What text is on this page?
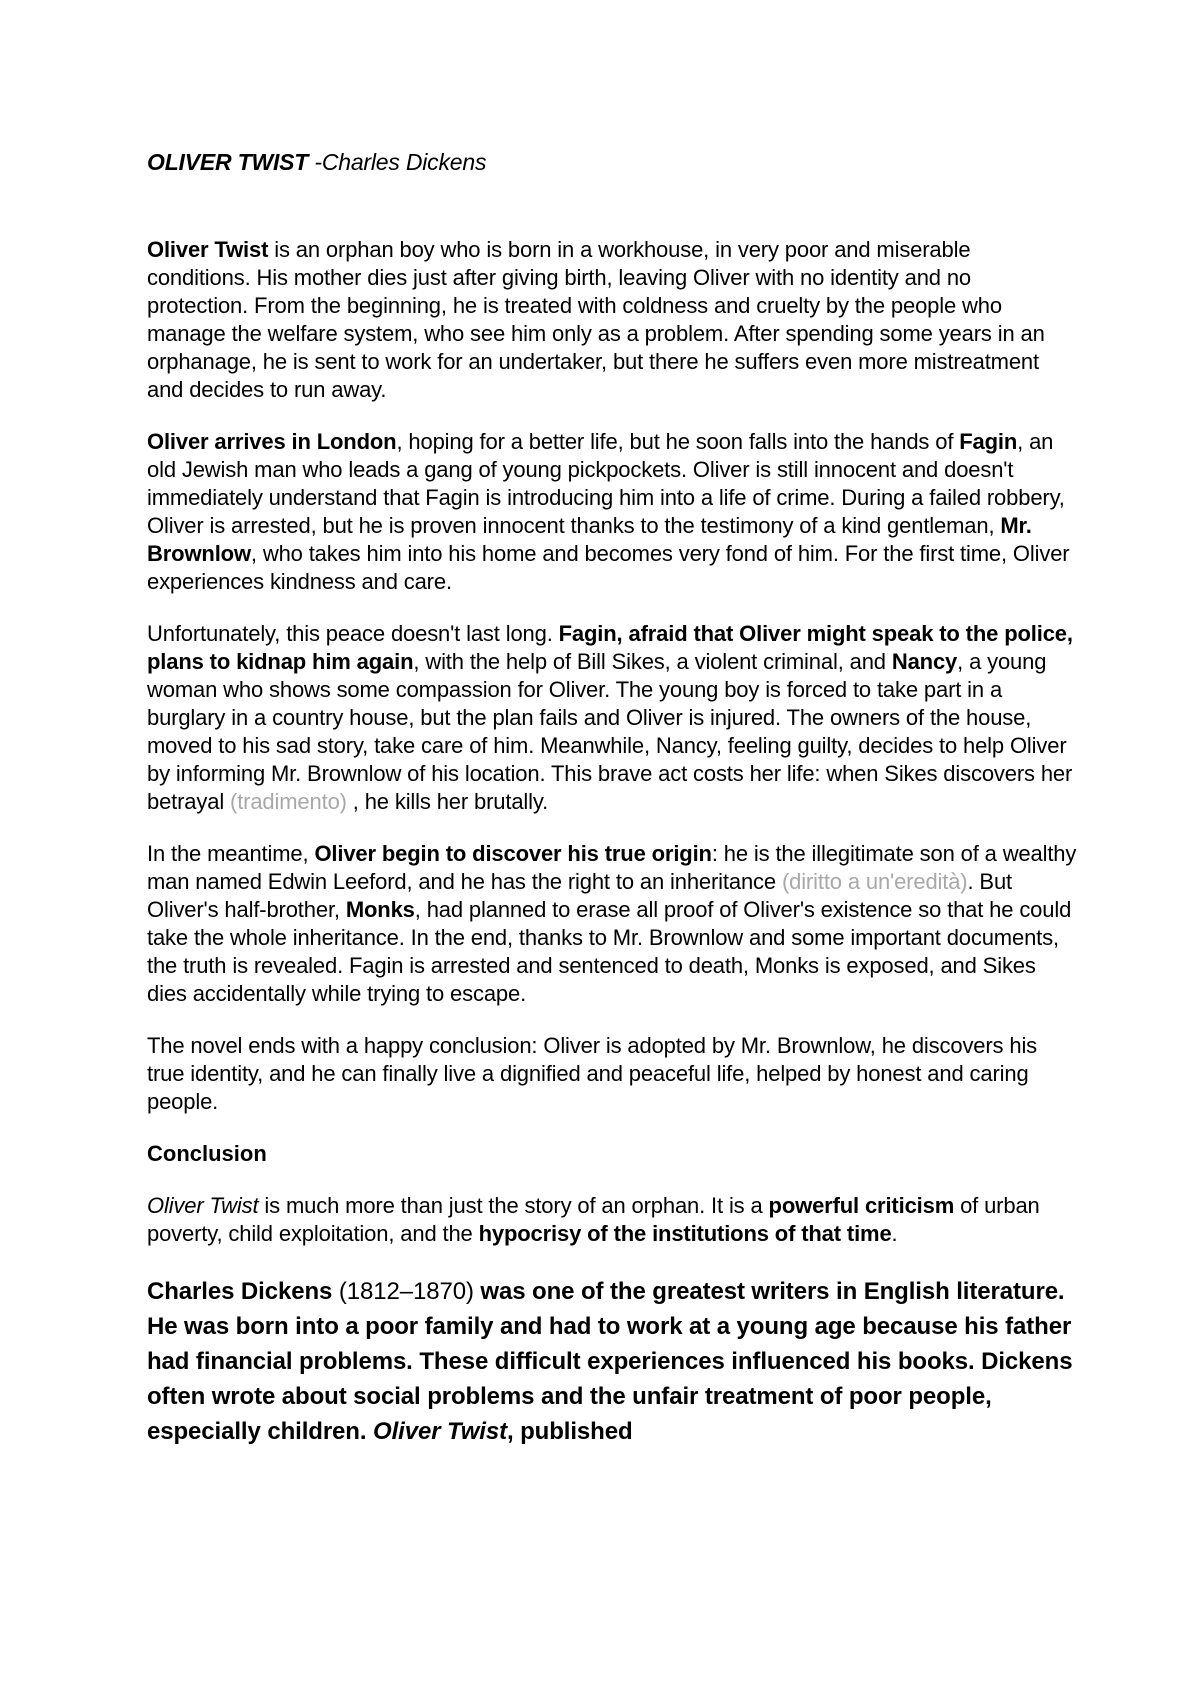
OLIVER TWIST -Charles Dickens

Oliver Twist is an orphan boy who is born in a workhouse, in very poor and miserable conditions. His mother dies just after giving birth, leaving Oliver with no identity and no protection. From the beginning, he is treated with coldness and cruelty by the people who manage the welfare system, who see him only as a problem. After spending some years in an orphanage, he is sent to work for an undertaker, but there he suffers even more mistreatment and decides to run away.

Oliver arrives in London, hoping for a better life, but he soon falls into the hands of Fagin, an old Jewish man who leads a gang of young pickpockets. Oliver is still innocent and doesn't immediately understand that Fagin is introducing him into a life of crime. During a failed robbery, Oliver is arrested, but he is proven innocent thanks to the testimony of a kind gentleman, Mr. Brownlow, who takes him into his home and becomes very fond of him. For the first time, Oliver experiences kindness and care.

Unfortunately, this peace doesn't last long. Fagin, afraid that Oliver might speak to the police, plans to kidnap him again, with the help of Bill Sikes, a violent criminal, and Nancy, a young woman who shows some compassion for Oliver. The young boy is forced to take part in a burglary in a country house, but the plan fails and Oliver is injured. The owners of the house, moved to his sad story, take care of him. Meanwhile, Nancy, feeling guilty, decides to help Oliver by informing Mr. Brownlow of his location. This brave act costs her life: when Sikes discovers her betrayal (tradimento) , he kills her brutally.

In the meantime, Oliver begin to discover his true origin: he is the illegitimate son of a wealthy man named Edwin Leeford, and he has the right to an inheritance (diritto a un'eredità). But Oliver's half-brother, Monks, had planned to erase all proof of Oliver's existence so that he could take the whole inheritance. In the end, thanks to Mr. Brownlow and some important documents, the truth is revealed. Fagin is arrested and sentenced to death, Monks is exposed, and Sikes dies accidentally while trying to escape.

The novel ends with a happy conclusion: Oliver is adopted by Mr. Brownlow, he discovers his true identity, and he can finally live a dignified and peaceful life, helped by honest and caring people.

Conclusion

Oliver Twist is much more than just the story of an orphan. It is a powerful criticism of urban poverty, child exploitation, and the hypocrisy of the institutions of that time.

Charles Dickens (1812–1870) was one of the greatest writers in English literature. He was born into a poor family and had to work at a young age because his father had financial problems. These difficult experiences influenced his books. Dickens often wrote about social problems and the unfair treatment of poor people, especially children. Oliver Twist, published
